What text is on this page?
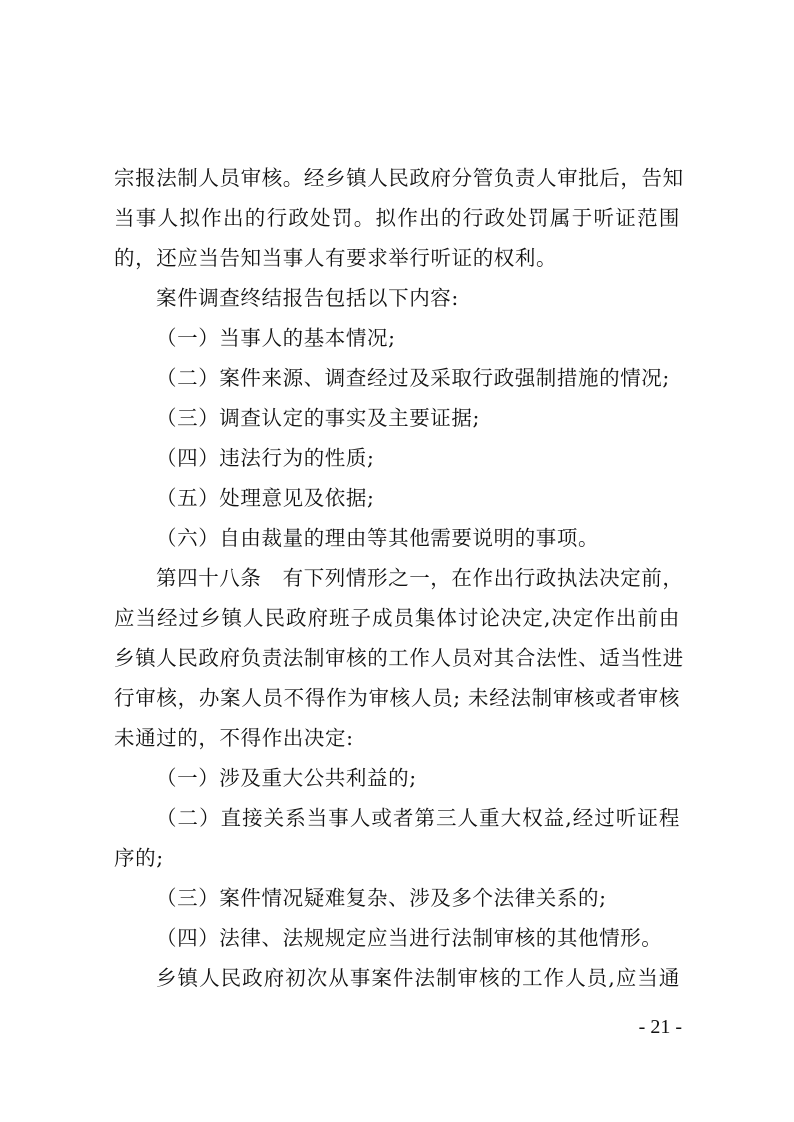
宗报法制人员审核。经乡镇人民政府分管负责人审批后，告知
当事人拟作出的行政处罚。拟作出的行政处罚属于听证范围
的，还应当告知当事人有要求举行听证的权利。
案件调查终结报告包括以下内容:
（一）当事人的基本情况;
（二）案件来源、调查经过及采取行政强制措施的情况;
（三）调查认定的事实及主要证据;
（四）违法行为的性质;
（五）处理意见及依据;
（六）自由裁量的理由等其他需要说明的事项。
第四十八条　有下列情形之一，在作出行政执法决定前，
应当经过乡镇人民政府班子成员集体讨论决定,决定作出前由
乡镇人民政府负责法制审核的工作人员对其合法性、适当性进
行审核，办案人员不得作为审核人员; 未经法制审核或者审核
未通过的，不得作出决定:
（一）涉及重大公共利益的;
（二）直接关系当事人或者第三人重大权益,经过听证程
序的;
（三）案件情况疑难复杂、涉及多个法律关系的;
（四）法律、法规规定应当进行法制审核的其他情形。
乡镇人民政府初次从事案件法制审核的工作人员,应当通
- 21 -
